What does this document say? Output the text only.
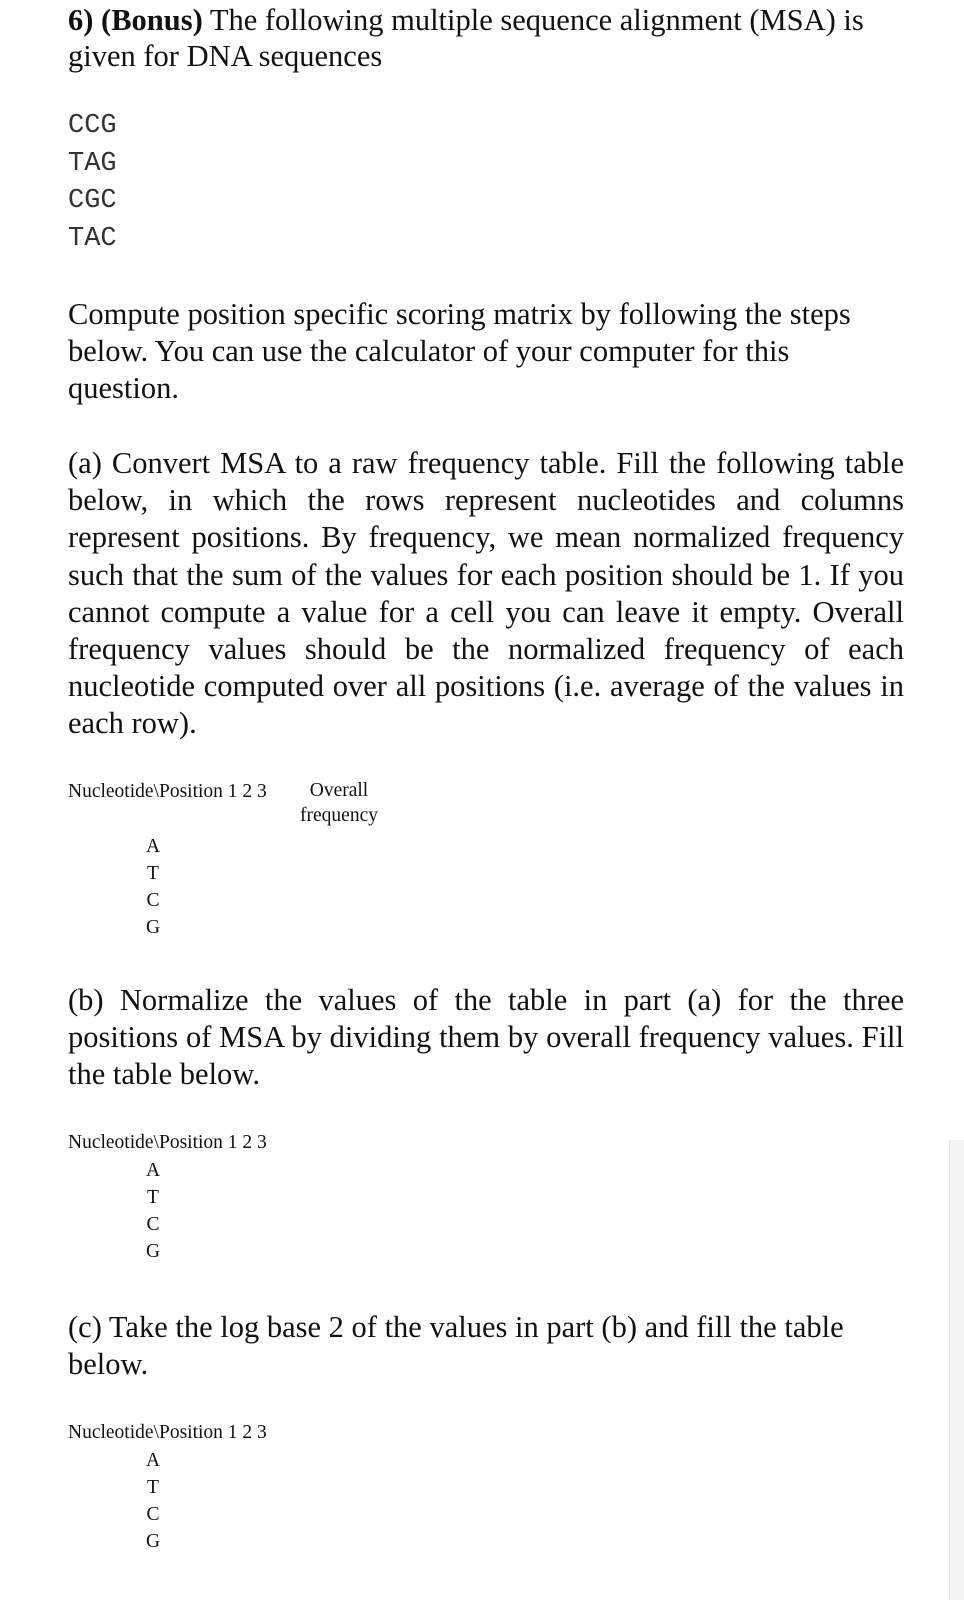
6) (Bonus) The following multiple sequence alignment (MSA) is given for DNA sequences
CCG
TAG
CGC
TAC
Compute position specific scoring matrix by following the steps below. You can use the calculator of your computer for this question.
(a) Convert MSA to a raw frequency table. Fill the following table below, in which the rows represent nucleotides and columns represent positions. By frequency, we mean normalized frequency such that the sum of the values for each position should be 1. If you cannot compute a value for a cell you can leave it empty. Overall frequency values should be the normalized frequency of each nucleotide computed over all positions (i.e. average of the values in each row).
Nucleotide\Position 1 2 3	Overall
frequency
A
T
C
G
(b) Normalize the values of the table in part (a) for the three positions of MSA by dividing them by overall frequency values. Fill the table below.
Nucleotide\Position 1 2 3
A
T
C
G
(c) Take the log base 2 of the values in part (b) and fill the table below.
Nucleotide\Position 1 2 3
A
T
C
G
